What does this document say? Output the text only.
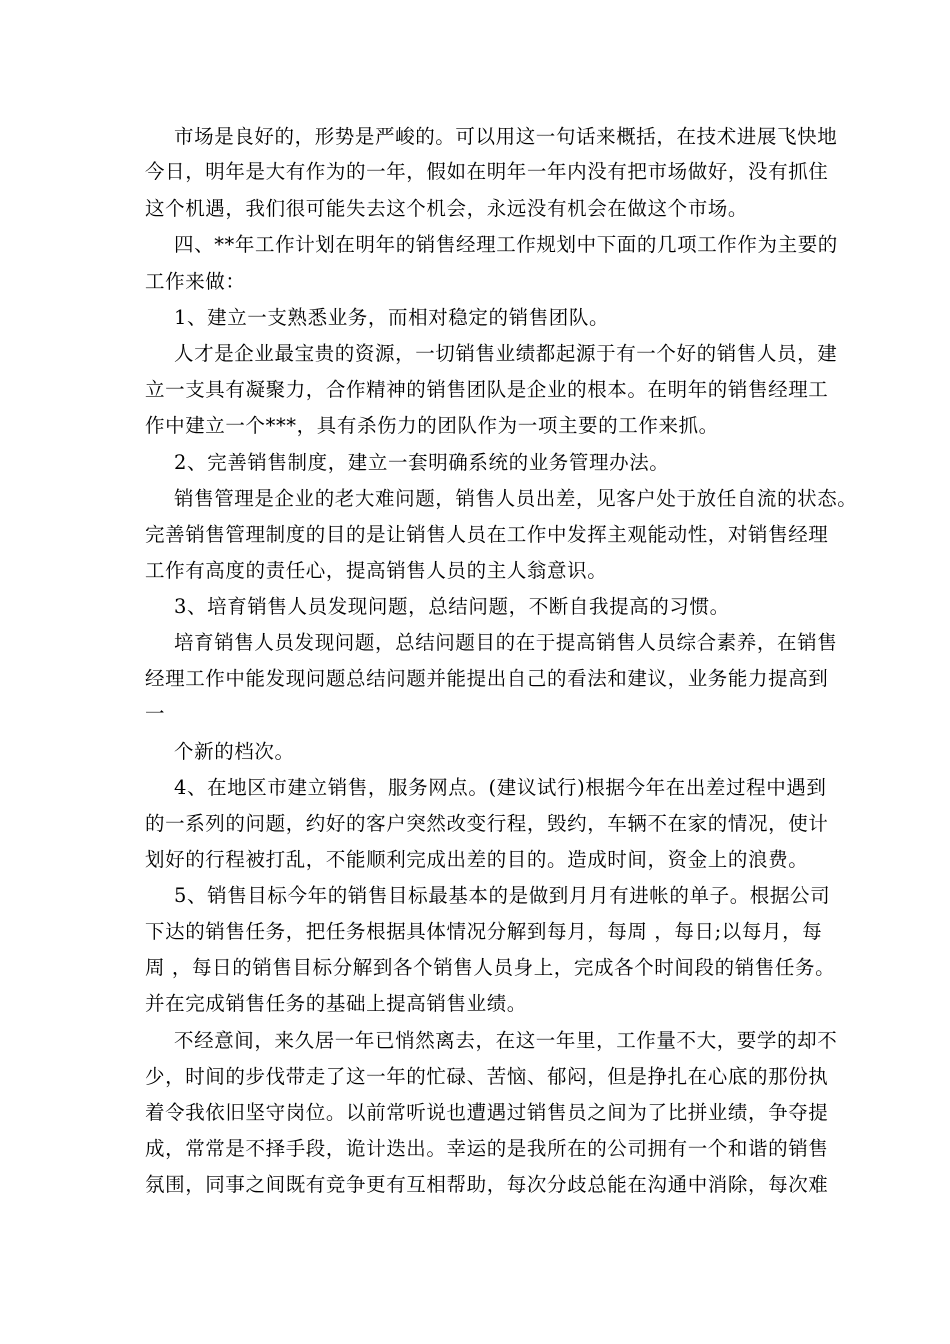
市场是良好的，形势是严峻的。可以用这一句话来概括，在技术进展飞快地
今日，明年是大有作为的一年，假如在明年一年内没有把市场做好，没有抓住
这个机遇，我们很可能失去这个机会，永远没有机会在做这个市场。
四、**年工作计划在明年的销售经理工作规划中下面的几项工作作为主要的
工作来做：
1、建立一支熟悉业务，而相对稳定的销售团队。
人才是企业最宝贵的资源，一切销售业绩都起源于有一个好的销售人员，建
立一支具有凝聚力，合作精神的销售团队是企业的根本。在明年的销售经理工
作中建立一个***，具有杀伤力的团队作为一项主要的工作来抓。
2、完善销售制度，建立一套明确系统的业务管理办法。
销售管理是企业的老大难问题，销售人员出差，见客户处于放任自流的状态。
完善销售管理制度的目的是让销售人员在工作中发挥主观能动性，对销售经理
工作有高度的责任心，提高销售人员的主人翁意识。
3、培育销售人员发现问题，总结问题，不断自我提高的习惯。
培育销售人员发现问题，总结问题目的在于提高销售人员综合素养，在销售
经理工作中能发现问题总结问题并能提出自己的看法和建议，业务能力提高到
一
个新的档次。
4、在地区市建立销售，服务网点。(建议试行)根据今年在出差过程中遇到
的一系列的问题，约好的客户突然改变行程，毁约，车辆不在家的情况，使计
划好的行程被打乱，不能顺利完成出差的目的。造成时间，资金上的浪费。
5、销售目标今年的销售目标最基本的是做到月月有进帐的单子。根据公司
下达的销售任务，把任务根据具体情况分解到每月，每周 ，每日;以每月，每
周 ，每日的销售目标分解到各个销售人员身上，完成各个时间段的销售任务。
并在完成销售任务的基础上提高销售业绩。
不经意间，来久居一年已悄然离去，在这一年里，工作量不大，要学的却不
少，时间的步伐带走了这一年的忙碌、苦恼、郁闷，但是挣扎在心底的那份执
着令我依旧坚守岗位。以前常听说也遭遇过销售员之间为了比拼业绩，争夺提
成，常常是不择手段，诡计迭出。幸运的是我所在的公司拥有一个和谐的销售
氛围，同事之间既有竞争更有互相帮助，每次分歧总能在沟通中消除，每次难
